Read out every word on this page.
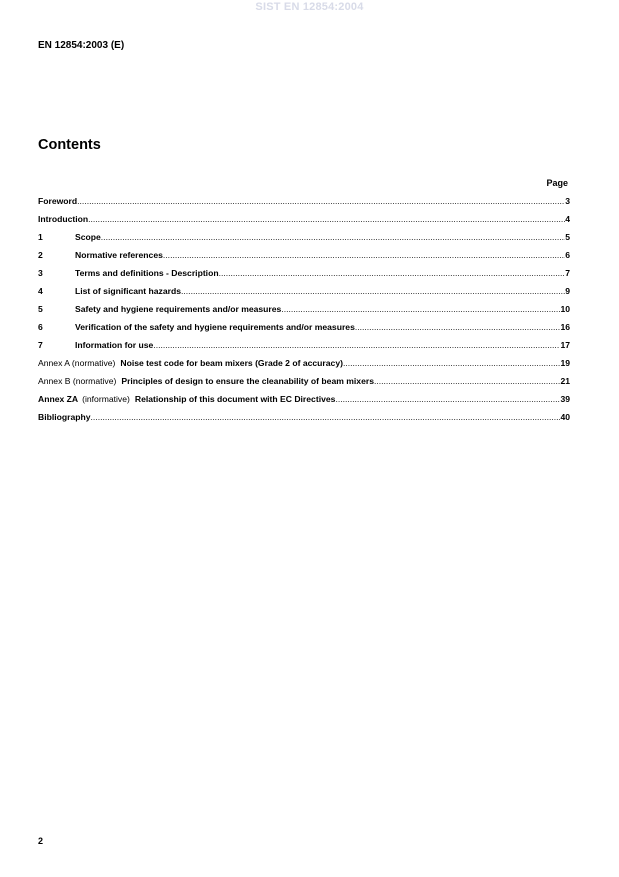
SIST EN 12854:2004
EN 12854:2003 (E)
Contents
Page
Foreword .....	3
Introduction .....	4
1	Scope .....	5
2	Normative references .....	6
3	Terms and definitions - Description .....	7
4	List of significant hazards .....	9
5	Safety and hygiene requirements and/or measures .....	10
6	Verification of the safety and hygiene requirements and/or measures .....	16
7	Information for use .....	17
Annex A (normative) Noise test code for beam mixers (Grade 2 of accuracy) .....	19
Annex B (normative) Principles of design to ensure the cleanability of beam mixers .....	21
Annex ZA (informative) Relationship of this document with EC Directives .....	39
Bibliography .....	40
2
